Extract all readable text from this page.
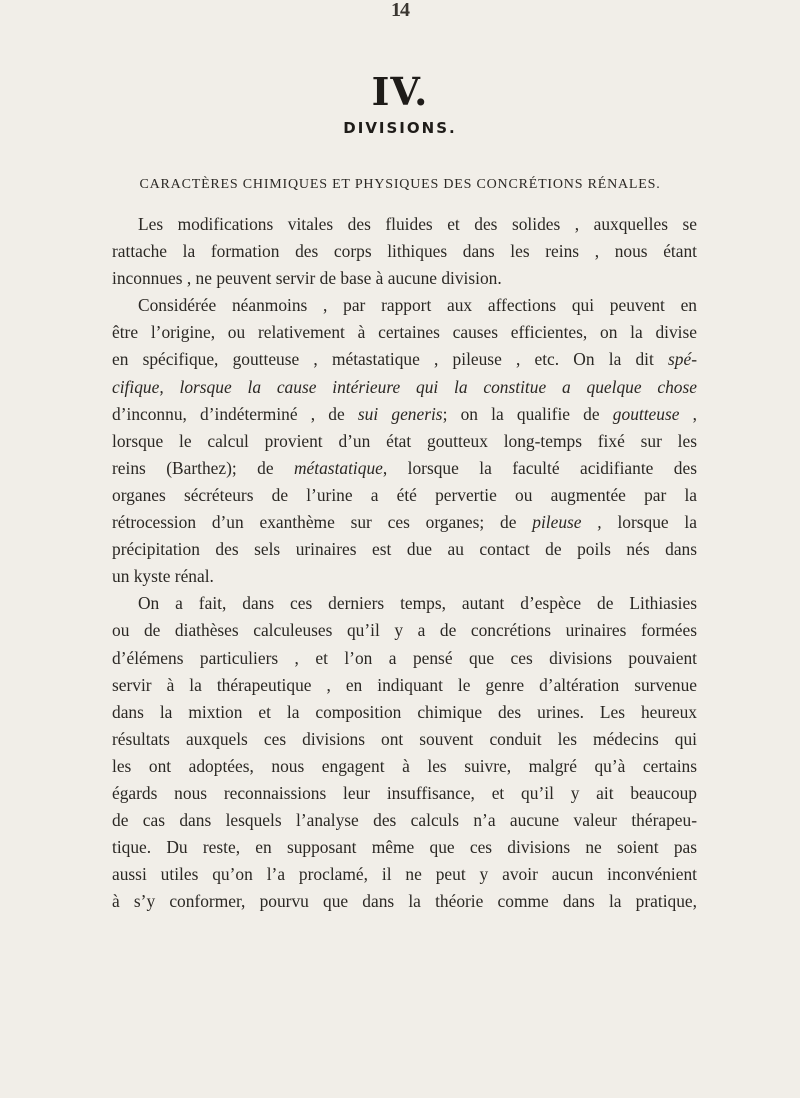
14
IV.
DIVISIONS.
CARACTÈRES CHIMIQUES ET PHYSIQUES DES CONCRÉTIONS RÉNALES.
Les modifications vitales des fluides et des solides , auxquelles se
rattache la formation des corps lithiques dans les reins , nous étant
inconnues , ne peuvent servir de base à aucune division.
Considérée néanmoins , par rapport aux affections qui peuvent en
être l’origine, ou relativement à certaines causes efficientes, on la divise
en spécifique, goutteuse , métastatique , pileuse , etc. On la dit spé-
cifique, lorsque la cause intérieure qui la constitue a quelque chose
d’inconnu, d’indéterminé , de sui generis; on la qualifie de goutteuse ,
lorsque le calcul provient d’un état goutteux long-temps fixé sur les
reins (Barthez); de métastatique, lorsque la faculté acidifiante des
organes sécréteurs de l’urine a été pervertie ou augmentée par la
rétrocession d’un exanthème sur ces organes; de pileuse , lorsque la
précipitation des sels urinaires est due au contact de poils nés dans
un kyste rénal.
On a fait, dans ces derniers temps, autant d’espèce de Lithiasies
ou de diathèses calculeuses qu’il y a de concrétions urinaires formées
d’élémens particuliers , et l’on a pensé que ces divisions pouvaient
servir à la thérapeutique , en indiquant le genre d’altération survenue
dans la mixtion et la composition chimique des urines. Les heureux
résultats auxquels ces divisions ont souvent conduit les médecins qui
les ont adoptées, nous engagent à les suivre, malgré qu’à certains
égards nous reconnaissions leur insuffisance, et qu’il y ait beaucoup
de cas dans lesquels l’analyse des calculs n’a aucune valeur thérapeu-
tique. Du reste, en supposant même que ces divisions ne soient pas
aussi utiles qu’on l’a proclamé, il ne peut y avoir aucun inconvénient
à s’y conformer, pourvu que dans la théorie comme dans la pratique,
